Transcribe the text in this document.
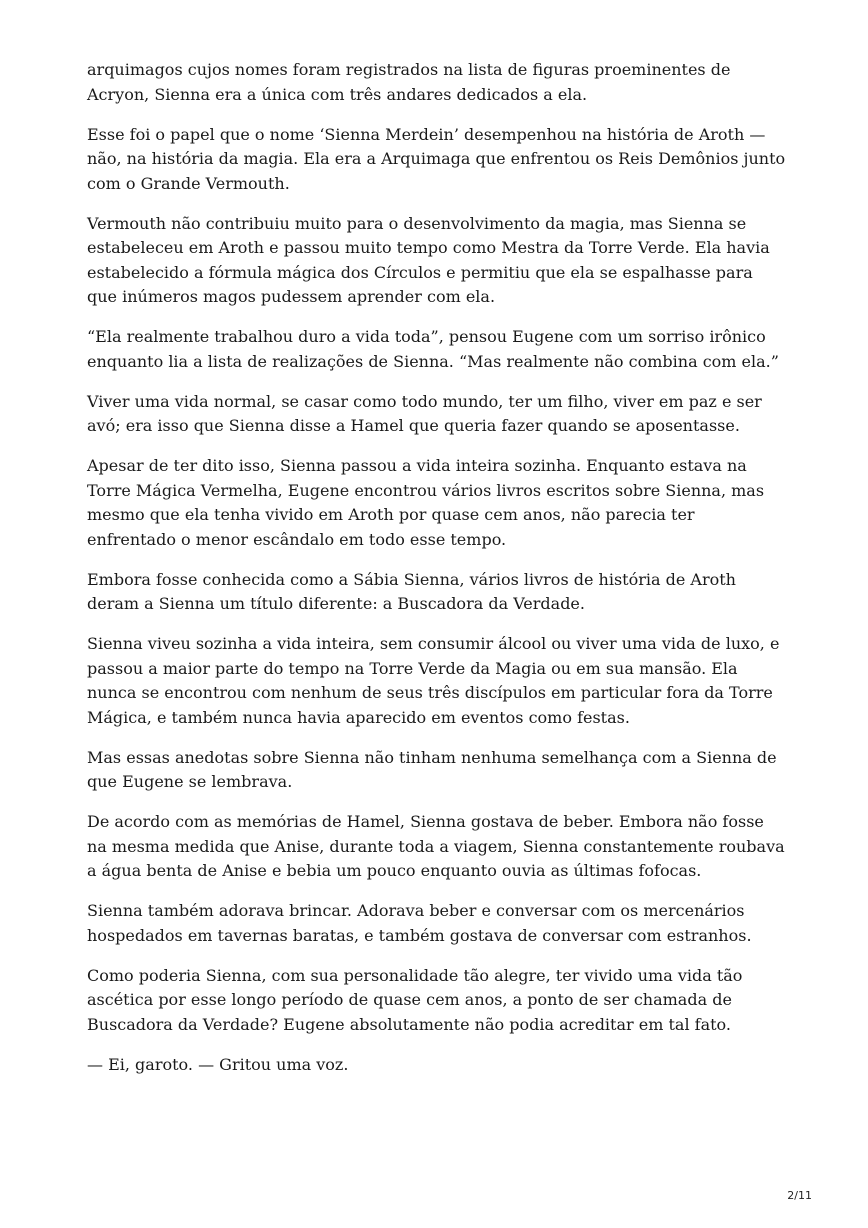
arquimagos cujos nomes foram registrados na lista de figuras proeminentes de Acryon, Sienna era a única com três andares dedicados a ela.

Esse foi o papel que o nome ‘Sienna Merdein’ desempenhou na história de Aroth — não, na história da magia. Ela era a Arquimaga que enfrentou os Reis Demônios junto com o Grande Vermouth.

Vermouth não contribuiu muito para o desenvolvimento da magia, mas Sienna se estabeleceu em Aroth e passou muito tempo como Mestra da Torre Verde. Ela havia estabelecido a fórmula mágica dos Círculos e permitiu que ela se espalhasse para que inúmeros magos pudessem aprender com ela.

“Ela realmente trabalhou duro a vida toda”, pensou Eugene com um sorriso irônico enquanto lia a lista de realizações de Sienna. “Mas realmente não combina com ela.”

Viver uma vida normal, se casar como todo mundo, ter um filho, viver em paz e ser avó; era isso que Sienna disse a Hamel que queria fazer quando se aposentasse.

Apesar de ter dito isso, Sienna passou a vida inteira sozinha. Enquanto estava na Torre Mágica Vermelha, Eugene encontrou vários livros escritos sobre Sienna, mas mesmo que ela tenha vivido em Aroth por quase cem anos, não parecia ter enfrentado o menor escândalo em todo esse tempo.

Embora fosse conhecida como a Sábia Sienna, vários livros de história de Aroth deram a Sienna um título diferente: a Buscadora da Verdade.

Sienna viveu sozinha a vida inteira, sem consumir álcool ou viver uma vida de luxo, e passou a maior parte do tempo na Torre Verde da Magia ou em sua mansão. Ela nunca se encontrou com nenhum de seus três discípulos em particular fora da Torre Mágica, e também nunca havia aparecido em eventos como festas.

Mas essas anedotas sobre Sienna não tinham nenhuma semelhança com a Sienna de que Eugene se lembrava.

De acordo com as memórias de Hamel, Sienna gostava de beber. Embora não fosse na mesma medida que Anise, durante toda a viagem, Sienna constantemente roubava a água benta de Anise e bebia um pouco enquanto ouvia as últimas fofocas.

Sienna também adorava brincar. Adorava beber e conversar com os mercenários hospedados em tavernas baratas, e também gostava de conversar com estranhos.

Como poderia Sienna, com sua personalidade tão alegre, ter vivido uma vida tão ascética por esse longo período de quase cem anos, a ponto de ser chamada de Buscadora da Verdade? Eugene absolutamente não podia acreditar em tal fato.

— Ei, garoto. — Gritou uma voz.

2/11
